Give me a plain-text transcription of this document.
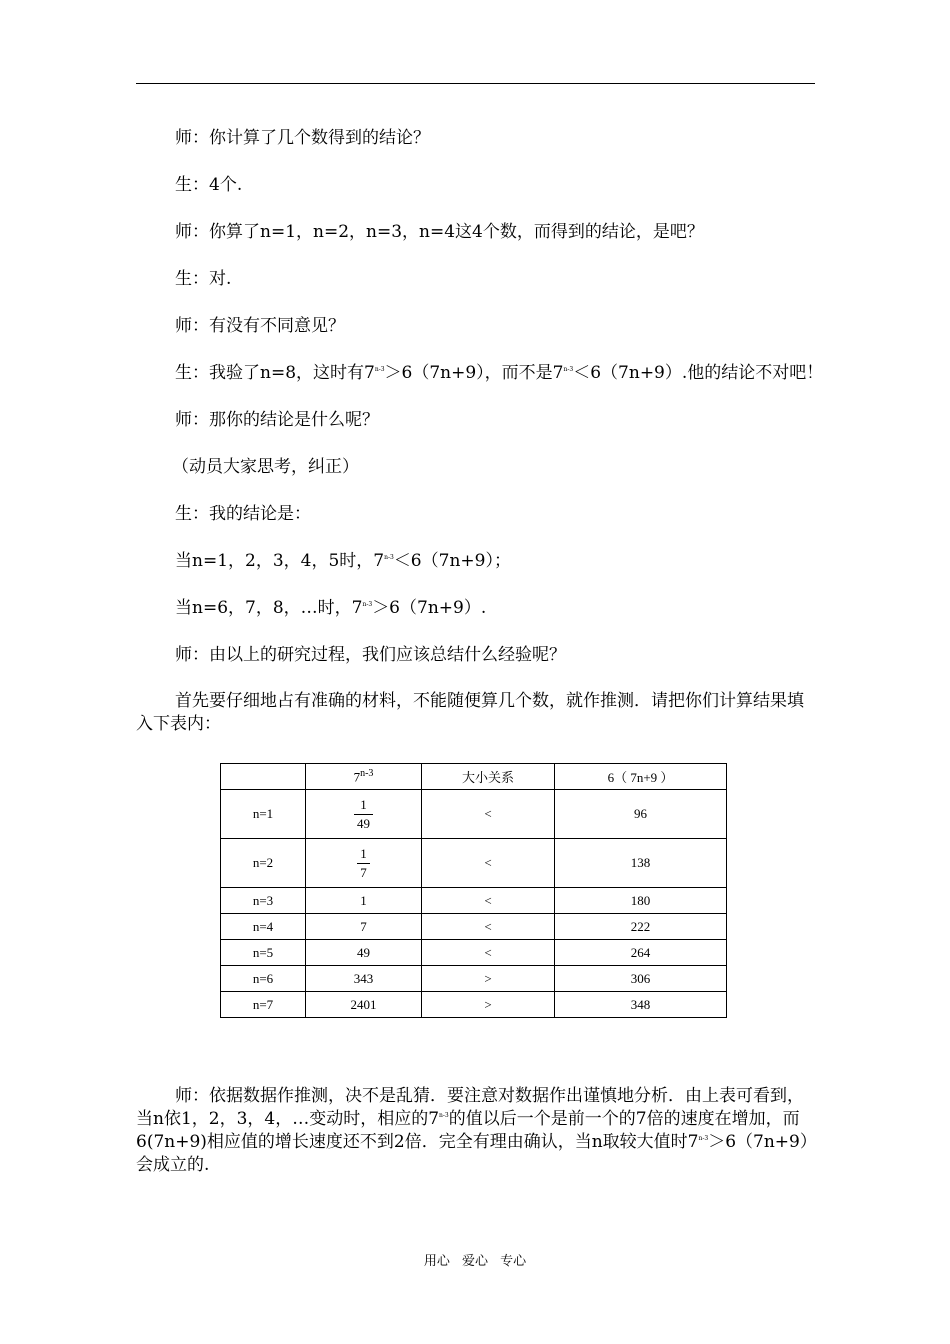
师：你计算了几个数得到的结论？
生：4个.
师：你算了n=1，n=2，n=3，n=4这4个数，而得到的结论，是吧？
生：对.
师：有没有不同意见？
生：我验了n=8，这时有$7^{n-3}>6(7n+9)$，而不是$7^{n-3}<6(7n+9)$.他的结论不对吧！
师：那你的结论是什么呢？
（动员大家思考，纠正）
生：我的结论是：
当n=1，2，3，4，5时，$7^{n-3}<6(7n+9)$；
当n=6，7，8，…时，$7^{n-3}>6(7n+9)$.
师：由以上的研究过程，我们应该总结什么经验呢？

首先要仔细地占有准确的材料，不能随便算几个数，就作推测．请把你们计算结果填入下表内：

	7$^{n-3}$	大小关系	6（ 7n+9 ）
n=1	$\frac{1}{49}$	<	96
n=2	$\frac{1}{7}$	<	138
n=3	1	<	180
n=4	7	<	222
n=5	49	<	264
n=6	343	>	306
n=7	2401	>	348

师：依据数据作推测，决不是乱猜．要注意对数据作出谨慎地分析．由上表可看到，当n依1，2，3，4，…变动时，相应的7$^{n-3}$的值以后一个是前一个的7倍的速度在增加，而6(7n+9)相应值的增长速度还不到2倍．完全有理由确认，当n取较大值时$7^{n-3}>6(7n+9)$会成立的.

用心 爱心 专心
